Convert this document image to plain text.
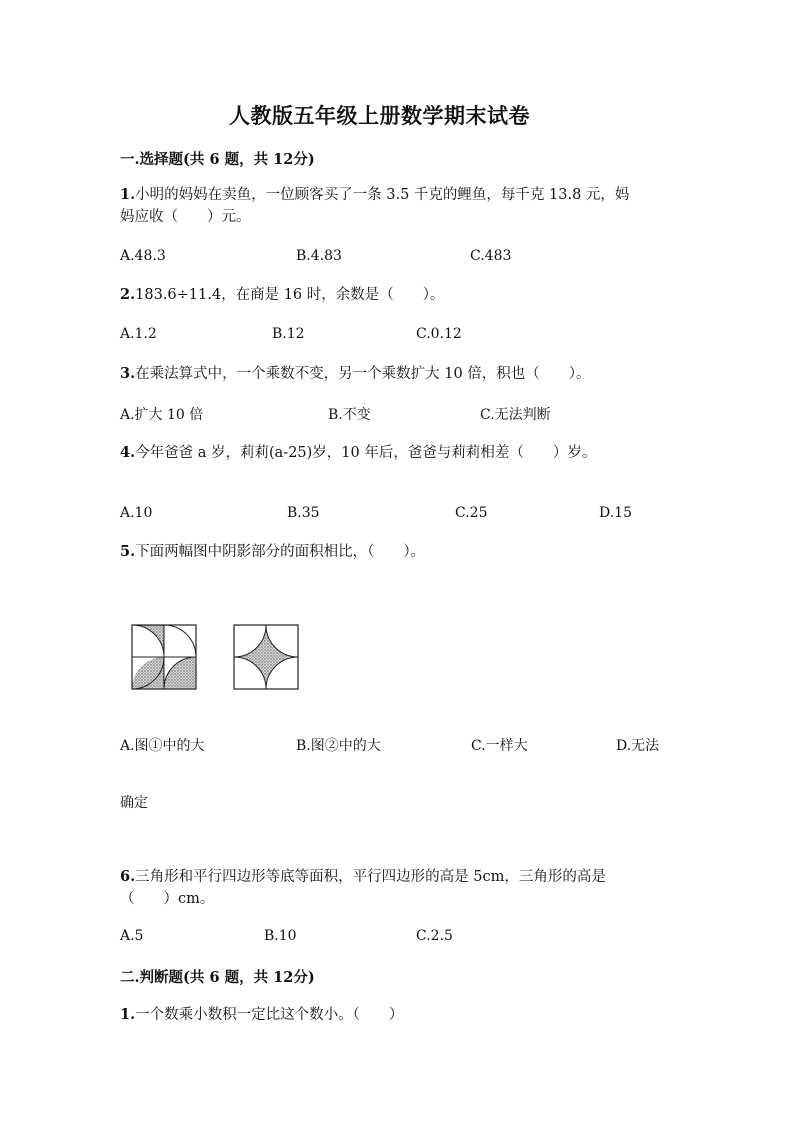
人教版五年级上册数学期末试卷
一.选择题(共 6 题，共 12分)
1.小明的妈妈在卖鱼，一位顾客买了一条 3.5 千克的鲤鱼，每千克 13.8 元，妈
妈应收（　　）元。
A.48.3	B.4.83	C.483
2.183.6÷11.4，在商是 16 时，余数是（　　）。
A.1.2	B.12	C.0.12
3.在乘法算式中，一个乘数不变，另一个乘数扩大 10 倍，积也（　　）。
A.扩大 10 倍	B.不变	C.无法判断
4.今年爸爸 a 岁，莉莉(a-25)岁，10 年后，爸爸与莉莉相差（　　）岁。
A.10	B.35	C.25	D.15
5.下面两幅图中阴影部分的面积相比，（　　）。
A.图①中的大	B.图②中的大	C.一样大	D.无法
确定
6.三角形和平行四边形等底等面积，平行四边形的高是 5cm，三角形的高是
（　　）cm。
A.5	B.10	C.2.5
二.判断题(共 6 题，共 12分)
1.一个数乘小数积一定比这个数小。（　　）
